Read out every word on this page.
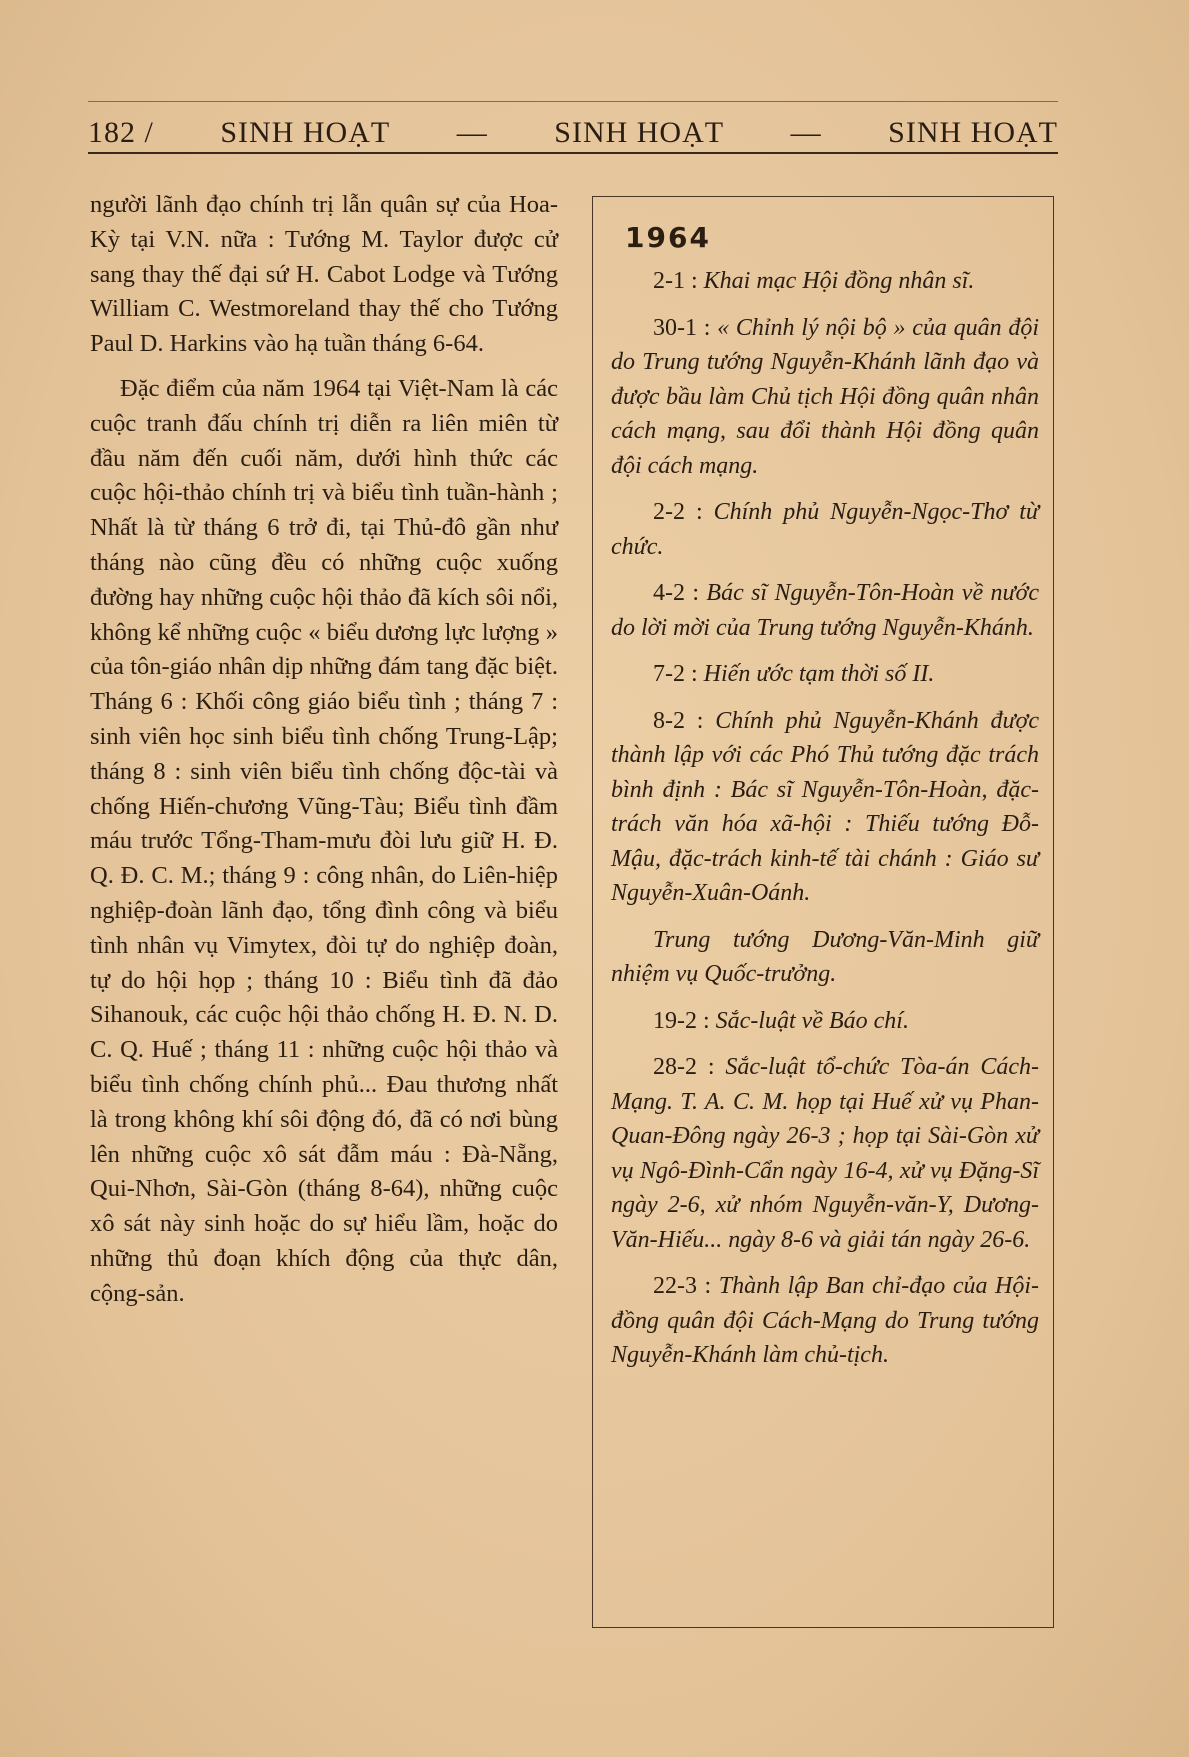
182 / SINH HOẠT — SINH HOẠT — SINH HOẠT

người lãnh đạo chính trị lẫn quân sự của Hoa-Kỳ tại V.N. nữa : Tướng M. Taylor được cử sang thay thế đại sứ H. Cabot Lodge và Tướng William C. Westmoreland thay thế cho Tướng Paul D. Harkins vào hạ tuần tháng 6-64.

Đặc điểm của năm 1964 tại Việt-Nam là các cuộc tranh đấu chính trị diễn ra liên miên từ đầu năm đến cuối năm, dưới hình thức các cuộc hội-thảo chính trị và biểu tình tuần-hành ; Nhất là từ tháng 6 trở đi, tại Thủ-đô gần như tháng nào cũng đều có những cuộc xuống đường hay những cuộc hội thảo đã kích sôi nổi, không kể những cuộc « biểu dương lực lượng » của tôn-giáo nhân dịp những đám tang đặc biệt. Tháng 6 : Khối công giáo biểu tình ; tháng 7 : sinh viên học sinh biểu tình chống Trung-Lập; tháng 8 : sinh viên biểu tình chống độc-tài và chống Hiến-chương Vũng-Tàu; Biểu tình đầm máu trước Tổng-Tham-mưu đòi lưu giữ H. Đ. Q. Đ. C. M.; tháng 9 : công nhân, do Liên-hiệp nghiệp-đoàn lãnh đạo, tổng đình công và biểu tình nhân vụ Vimytex, đòi tự do nghiệp đoàn, tự do hội họp ; tháng 10 : Biểu tình đã đảo Sihanouk, các cuộc hội thảo chống H. Đ. N. D. C. Q. Huế ; tháng 11 : những cuộc hội thảo và biểu tình chống chính phủ... Đau thương nhất là trong không khí sôi động đó, đã có nơi bùng lên những cuộc xô sát đẫm máu : Đà-Nẵng, Qui-Nhơn, Sài-Gòn (tháng 8-64), những cuộc xô sát này sinh hoặc do sự hiểu lầm, hoặc do những thủ đoạn khích động của thực dân, cộng-sản.

1964

2-1 : Khai mạc Hội đồng nhân sĩ.

30-1 : « Chỉnh lý nội bộ » của quân đội do Trung tướng Nguyễn-Khánh lãnh đạo và được bầu làm Chủ tịch Hội đồng quân nhân cách mạng, sau đổi thành Hội đồng quân đội cách mạng.

2-2 : Chính phủ Nguyễn-Ngọc-Thơ từ chức.

4-2 : Bác sĩ Nguyễn-Tôn-Hoàn về nước do lời mời của Trung tướng Nguyễn-Khánh.

7-2 : Hiến ước tạm thời số II.

8-2 : Chính phủ Nguyễn-Khánh được thành lập với các Phó Thủ tướng đặc trách bình định : Bác sĩ Nguyễn-Tôn-Hoàn, đặc-trách văn hóa xã-hội : Thiếu tướng Đỗ-Mậu, đặc-trách kinh-tế tài chánh : Giáo sư Nguyễn-Xuân-Oánh.

Trung tướng Dương-Văn-Minh giữ nhiệm vụ Quốc-trưởng.

19-2 : Sắc-luật về Báo chí.

28-2 : Sắc-luật tổ-chức Tòa-án Cách-Mạng. T. A. C. M. họp tại Huế xử vụ Phan-Quan-Đông ngày 26-3 ; họp tại Sài-Gòn xử vụ Ngô-Đình-Cẩn ngày 16-4, xử vụ Đặng-Sĩ ngày 2-6, xử nhóm Nguyễn-văn-Y, Dương-Văn-Hiếu... ngày 8-6 và giải tán ngày 26-6.

22-3 : Thành lập Ban chỉ-đạo của Hội-đồng quân đội Cách-Mạng do Trung tướng Nguyễn-Khánh làm chủ-tịch.
